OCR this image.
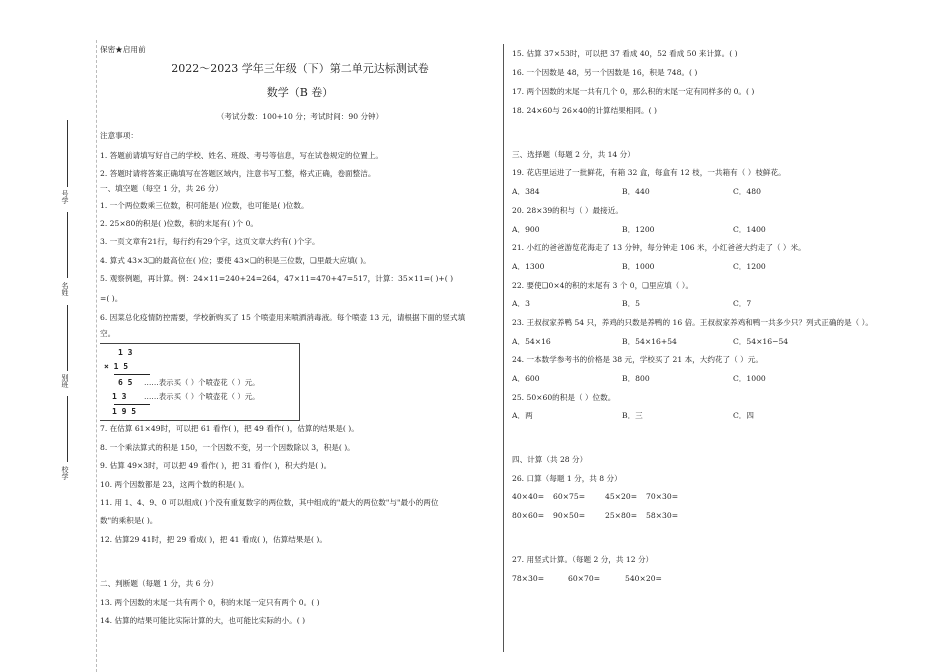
号学
名姓
别班
校学
保密★启用前
2022～2023 学年三年级（下）第二单元达标测试卷
数学（B 卷）
（考试分数：100+10 分；考试时间：90 分钟）
注意事项：
1. 答题前请填写好自己的学校、姓名、班级、考号等信息，写在试卷规定的位置上。
2. 答题时请将答案正确填写在答题区域内，注意书写工整，格式正确，卷面整洁。
一、填空题（每空 1 分，共 26 分）
1. 一个两位数乘三位数，积可能是( )位数，也可能是( )位数。
2. 25×80的积是( )位数，积的末尾有( )个 0。
3. 一页文章有21行，每行约有29个字，这页文章大约有( )个字。
4. 算式 43×3❏的最高位在( )位；要使 43×❏的积是三位数，❏里最大应填( )。
5. 观察例题，再计算。例：24×11=240+24=264，47×11=470+47=517，计算：35×11=( )+( )
=( )。
6. 因菜总化疫情防控需要，学校新购买了 15 个喷壶用来喷洒消毒液。每个喷壶 13 元，请根据下面的竖式填
空。
1 3
× 1 5
6 5 ……表示买（ ）个喷壶花（ ）元。
1 3 ……表示买（ ）个喷壶花（ ）元。
1 9 5
7. 在估算 61×49时，可以把 61 看作( )，把 49 看作( )，估算的结果是( )。
8. 一个乘法算式的积是 150，一个因数不变，另一个因数除以 3，积是( )。
9. 估算 49×3时，可以把 49 看作( )，把 31 看作( )，积大约是( )。
10. 两个因数都是 23，这两个数的积是( )。
11. 用 1、4、9、0 可以组成( )个没有重复数字的两位数，其中组成的"最大的两位数"与"最小的两位
数"的乘积是( )。
12. 估算29 41时，把 29 看成( )，把 41 看成( )，估算结果是( )。
二、判断题（每题 1 分，共 6 分）
13. 两个因数的末尾一共有两个 0，积的末尾一定只有两个 0。( )
14. 估算的结果可能比实际计算的大，也可能比实际的小。( )
15. 估算 37×53时，可以把 37 看成 40，52 看成 50 来计算。( )
16. 一个因数是 48，另一个因数是 16，积是 748。( )
17. 两个因数的末尾一共有几个 0，那么积的末尾一定有同样多的 0。( )
18. 24×60与 26×40的计算结果相同。( )
三、选择题（每题 2 分，共 14 分）
19. 花店里运进了一批鲜花，有箱 32 盒，每盒有 12 枝，一共箱有（ ）枝鲜花。
A．384	B．440	C．480
20. 28×39的积与（ ）最接近。
A．900	B．1200	C．1400
21. 小红的爸爸游览花海走了 13 分钟，每分钟走 106 米，小红爸爸大约走了（ ）米。
A．1300	B．1000	C．1200
22. 要使❏0×4的积的末尾有 3 个 0，❏里应填（ ）。
A．3	B．5	C．7
23. 王叔叔家养鸭 54 只，养鸡的只数是养鸭的 16 倍。王叔叔家养鸡和鸭一共多少只？列式正确的是（ ）。
A．54×16	B．54×16+54	C．54×16−54
24. 一本数学参考书的价格是 38 元，学校买了 21 本，大约花了（ ）元。
A．600	B．800	C．1000
25. 50×60的积是（ ）位数。
A．两	B．三	C．四
四、计算（共 28 分）
26. 口算（每题 1 分，共 8 分）
40×40= 60×75=	45×20= 70×30=
80×60= 90×50=	25×80= 58×30=
27. 用竖式计算。（每题 2 分，共 12 分）
78×30=	60×70=	540×20=
